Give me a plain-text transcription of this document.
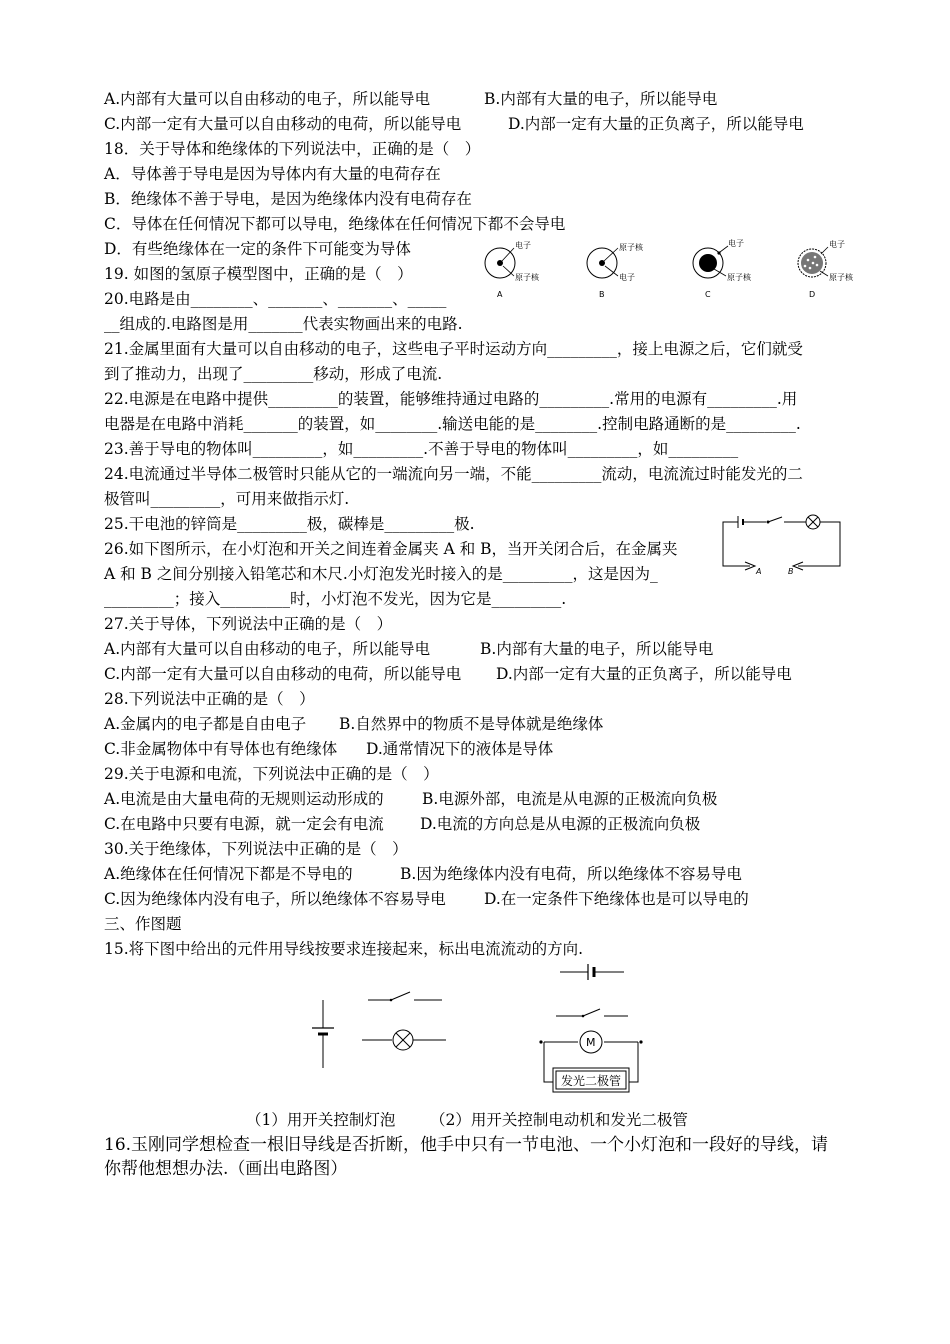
A.内部有大量可以自由移动的电子，所以能导电	B.内部有大量的电子，所以能导电
C.内部一定有大量可以自由移动的电荷，所以能导电	D.内部一定有大量的正负离子，所以能导电
18．关于导体和绝缘体的下列说法中，正确的是（　）
A．导体善于导电是因为导体内有大量的电荷存在
B．绝缘体不善于导电，是因为绝缘体内没有电荷存在
C．导体在任何情况下都可以导电，绝缘体在任何情况下都不会导电
D．有些绝缘体在一定的条件下可能变为导体
19. 如图的氢原子模型图中，正确的是（　）
20.电路是由________、_______、_______、_____
__组成的.电路图是用_______代表实物画出来的电路.
21.金属里面有大量可以自由移动的电子，这些电子平时运动方向_________，接上电源之后，它们就受
到了推动力，出现了_________移动，形成了电流.
22.电源是在电路中提供_________的装置，能够维持通过电路的_________.常用的电源有_________.用
电器是在电路中消耗_______的装置，如________.输送电能的是________.控制电路通断的是_________.
23.善于导电的物体叫_________，如_________.不善于导电的物体叫_________，如_________
24.电流通过半导体二极管时只能从它的一端流向另一端，不能_________流动，电流流过时能发光的二
极管叫_________，可用来做指示灯.
25.干电池的锌筒是_________极，碳棒是_________极.
26.如下图所示，在小灯泡和开关之间连着金属夹 A 和 B，当开关闭合后，在金属夹
A 和 B 之间分别接入铅笔芯和木尺.小灯泡发光时接入的是_________，这是因为_
_________；接入_________时，小灯泡不发光，因为它是_________.
27.关于导体，下列说法中正确的是（　）
A.内部有大量可以自由移动的电子，所以能导电	B.内部有大量的电子，所以能导电
C.内部一定有大量可以自由移动的电荷，所以能导电 D.内部一定有大量的正负离子，所以能导电
28.下列说法中正确的是（　）
A.金属内的电子都是自由电子 B.自然界中的物质不是导体就是绝缘体
C.非金属物体中有导体也有绝缘体 D.通常情况下的液体是导体
29.关于电源和电流，下列说法中正确的是（　）
A.电流是由大量电荷的无规则运动形成的 B.电源外部，电流是从电源的正极流向负极
C.在电路中只要有电源，就一定会有电流 D.电流的方向总是从电源的正极流向负极
30.关于绝缘体，下列说法中正确的是（　）
A.绝缘体在任何情况下都是不导电的	B.因为绝缘体内没有电荷，所以绝缘体不容易导电
C.因为绝缘体内没有电子，所以绝缘体不容易导电 D.在一定条件下绝缘体也是可以导电的
三、作图题
15.将下图中给出的元件用导线按要求连接起来，标出电流流动的方向.
电子
原子核
A
原子核
电子
B
电子
原子核
C
电子
原子核
D
A	B
M
发光二极管
（1）用开关控制灯泡 （2）用开关控制电动机和发光二极管
16.玉刚同学想检查一根旧导线是否折断，他手中只有一节电池、一个小灯泡和一段好的导线，请
你帮他想想办法.（画出电路图）
